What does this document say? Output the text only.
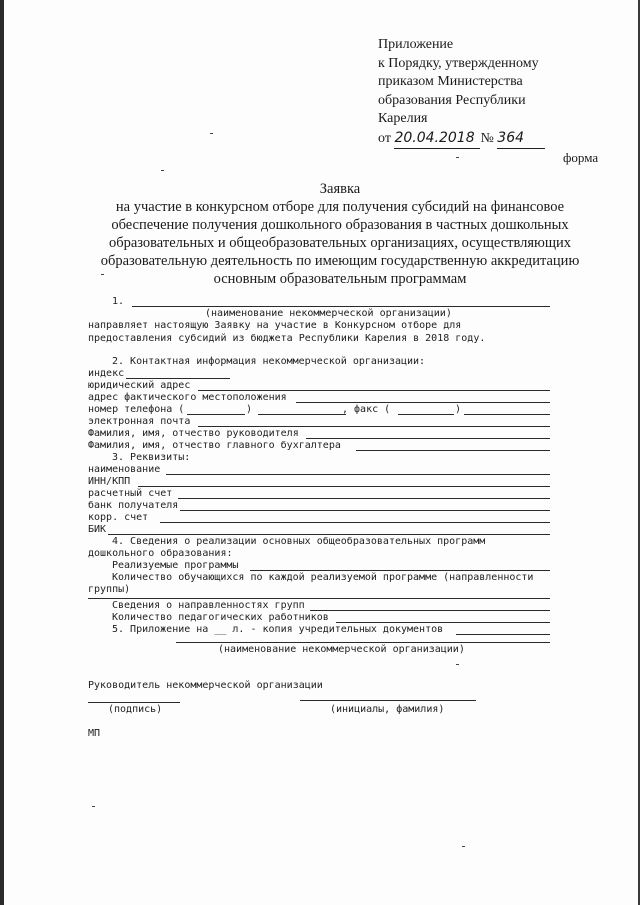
Приложение
к Порядку, утвержденному
приказом Министерства
образования Республики
Карелия
от 20.04.2018 № 364
форма
Заявка
на участие в конкурсном отборе для получения субсидий на финансовое
обеспечение получения дошкольного образования в частных дошкольных
образовательных и общеобразовательных организациях, осуществляющих
образовательную деятельность по имеющим государственную аккредитацию
основным образовательным программам
1.
(наименование некоммерческой организации)
направляет настоящую Заявку на участие в Конкурсном отборе для
предоставления субсидий из бюджета Республики Карелия в 2018 году.
2. Контактная информация некоммерческой организации:
индекс
юридический адрес
адрес фактического местоположения
номер телефона (	)	, факс (	)
электронная почта
Фамилия, имя, отчество руководителя
Фамилия, имя, отчество главного бухгалтера
3. Реквизиты:
наименование
ИНН/КПП
расчетный счет
банк получателя
корр. счет
БИК
4. Сведения о реализации основных общеобразовательных программ
дошкольного образования:
Реализуемые программы
Количество обучающихся по каждой реализуемой программе (направленности
группы)
Сведения о направленностях групп
Количество педагогических работников
5. Приложение на __ л. - копия учредительных документов
(наименование некоммерческой организации)
Руководитель некоммерческой организации
(подпись)	(инициалы, фамилия)
МП
